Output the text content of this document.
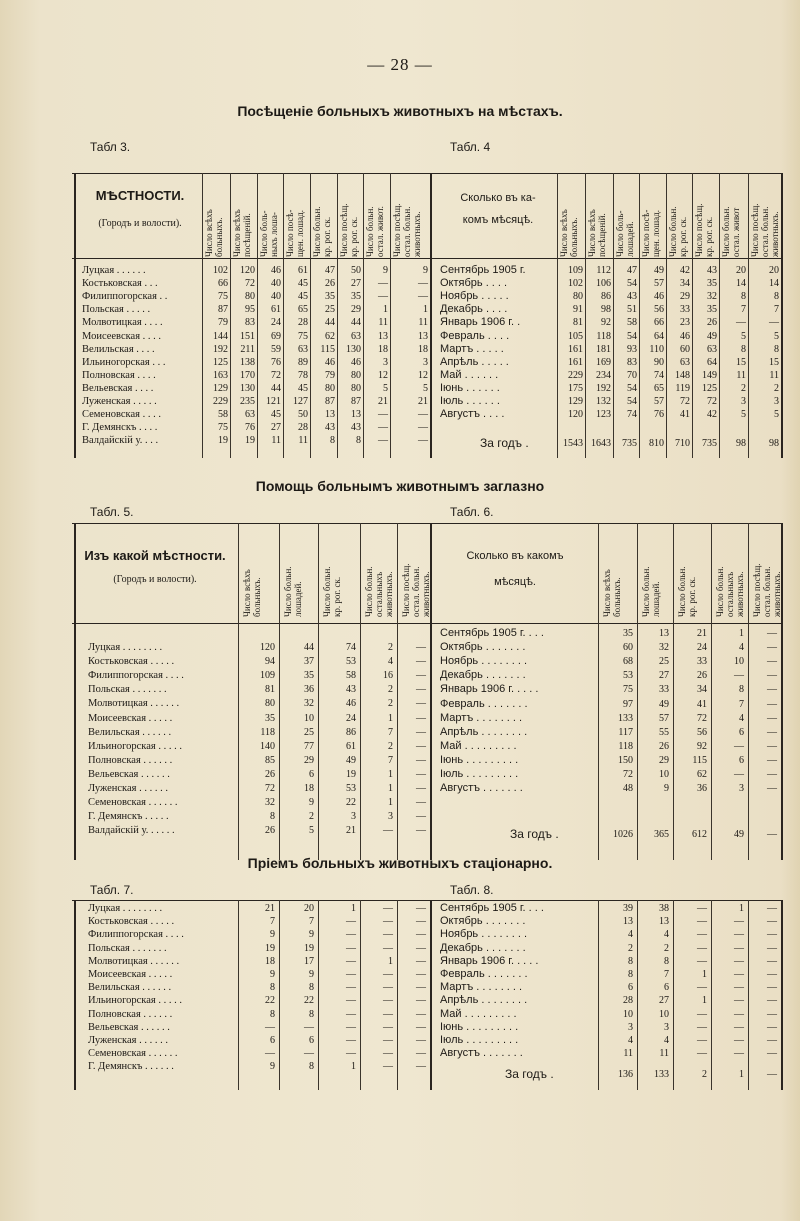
— 28 —
Посѣщеніе больныхъ животныхъ на мѣстахъ.
Табл 3.	Табл. 4
Помощь больнымъ животнымъ заглазно
Табл. 5.	Табл. 6.
Пріемъ больныхъ животныхъ стаціонарно.
Табл. 7.	Табл. 8.
МѢСТНОСТИ.
(Городъ и волости).
Сколько въ ка-
комъ мѣсяцѣ.
Число всѣхъ
больныхъ.	Число всѣхъ
больныхъ.
Число всѣхъ
посѣщеній.	Число всѣхъ
посѣщеній.
Число боль-
ныхъ лоша-
Число боль-
лошадей.
Число посѣ-
щен. лошад.
Число посѣ-
щен. лошад.
Число больн.
кр. рог. ск.
Число больн.
кр. рог. ск.
Число посѣщ.
кр. рог. ск.
Число посѣщ.
кр. рог. ск.
Число больн.
остал. живот.
Число больн.
остал. живот
Число посѣщ.
остал. больн.
животныхъ.	Число посѣщ.
остал. больн.
животныхъ.
Луцкая . . . . . .	102	120	46	61	47	50	9	9
Костьковская . . .	66	72	40	45	26	27	—	—
Филиппогорская . .	75	80	40	45	35	35	—	—
Польская . . . . .	87	95	61	65	25	29	1	1
Молвотицкая . . . .	79	83	24	28	44	44	11	11
Моисеевская . . . .	144	151	69	75	62	63	13	13
Велильская . . . .	192	211	59	63	115	130	18	18
Ильиногорская . . .	125	138	76	89	46	46	3	3
Полновская . . . .	163	170	72	78	79	80	12	12
Вельевская . . . .	129	130	44	45	80	80	5	5
Луженская . . . . .	229	235	121	127	87	87	21	21
Семеновская . . . .	58	63	45	50	13	13	—	—
Г. Демянскъ . . . .	75	76	27	28	43	43	—	—
Валдайскій у. . . .	19	19	11	11	8	8	—	—
Сентябрь 1905 г.	109	112	47	49	42	43	20	20
Октябрь . . . .	102	106	54	57	34	35	14	14
Ноябрь . . . . .	80	86	43	46	29	32	8	8
Декабрь . . . .	91	98	51	56	33	35	7	7
Январь 1906 г. .	81	92	58	66	23	26	—	—
Февраль . . . .	105	118	54	64	46	49	5	5
Мартъ . . . . .	161	181	93	110	60	63	8	8
Апрѣль . . . . .	161	169	83	90	63	64	15	15
Май . . . . . .	229	234	70	74	148	149	11	11
Іюнь . . . . . .	175	192	54	65	119	125	2	2
Іюль . . . . . .	129	132	54	57	72	72	3	3
Августъ . . . .	120	123	74	76	41	42	5	5
За годъ .	1543 1643	735	810	710	735	98	98
Изъ какой мѣстности.
(Городъ и волости).
Сколько въ какомъ
мѣсяцѣ.
Число всѣхъ
больныхъ.	Число всѣхъ
больныхъ.
Число больн.
лошадей.	Число больн.
лошадей.
Число больн.
кр. рог. ск.
Число больн.
кр. рог. ск.
Число больн.
остальныхъ
животныхъ.	Число больн.
остальныхъ
животныхъ.
Число посѣщ.
остал. больн.
животныхъ.	Число посѣщ.
остал. больн.
животныхъ.
Луцкая . . . . . . . .	120	44	74	2	—
Костьковская . . . . .	94	37	53	4	—
Филиппогорская . . . .	109	35	58	16	—
Польская . . . . . . .	81	36	43	2	—
Молвотицкая . . . . . .	80	32	46	2	—
Моисеевская . . . . .	35	10	24	1	—
Велильская . . . . . .	118	25	86	7	—
Ильиногорская . . . . .	140	77	61	2	—
Полновская . . . . . .	85	29	49	7	—
Вельевская . . . . . .	26	6	19	1	—
Луженская . . . . . .	72	18	53	1	—
Семеновская . . . . . .	32	9	22	1	—
Г. Демянскъ . . . . .	8	2	3	3	—
Валдайскій у. . . . . .	26	5	21	—	—
Сентябрь 1905 г. . . .	35	13	21	1	—
Октябрь . . . . . . .	60	32	24	4	—
Ноябрь . . . . . . . .	68	25	33	10	—
Декабрь . . . . . . .	53	27	26	—	—
Январь 1906 г. . . . .	75	33	34	8	—
Февраль . . . . . . .	97	49	41	7	—
Мартъ . . . . . . . .	133	57	72	4	—
Апрѣль . . . . . . . .	117	55	56	6	—
Май . . . . . . . . .	118	26	92	—	—
Іюнь . . . . . . . . .	150	29	115	6	—
Іюль . . . . . . . . .	72	10	62	—	—
Августъ . . . . . . .	48	9	36	3	—
За годъ .	1026	365	612	49	—
Луцкая . . . . . . . .	21	20	1	—	—
Костьковская . . . . .	7	7	—	—	—
Филиппогорская . . . .	9	9	—	—	—
Польская . . . . . . .	19	19	—	—	—
Молвотицкая . . . . . .	18	17	—	1	—
Моисеевская . . . . .	9	9	—	—	—
Велильская . . . . . .	8	8	—	—	—
Ильиногорская . . . . .	22	22	—	—	—
Полновская . . . . . .	8	8	—	—	—
Вельевская . . . . . .	—	—	—	—	—
Луженская . . . . . .	6	6	—	—	—
Семеновская . . . . . .	—	—	—	—	—
Г. Демянскъ . . . . . .	9	8	1	—	—
Сентябрь 1905 г. . . .	39	38	—	1	—
Октябрь . . . . . . .	13	13	—	—	—
Ноябрь . . . . . . . .	4	4	—	—	—
Декабрь . . . . . . .	2	2	—	—	—
Январь 1906 г. . . . .	8	8	—	—	—
Февраль . . . . . . .	8	7	1	—	—
Мартъ . . . . . . . .	6	6	—	—	—
Апрѣль . . . . . . . .	28	27	1	—	—
Май . . . . . . . . .	10	10	—	—	—
Іюнь . . . . . . . . .	3	3	—	—	—
Іюль . . . . . . . . .	4	4	—	—	—
Августъ . . . . . . .	11	11	—	—	—
За годъ .	136	133	2	1	—
